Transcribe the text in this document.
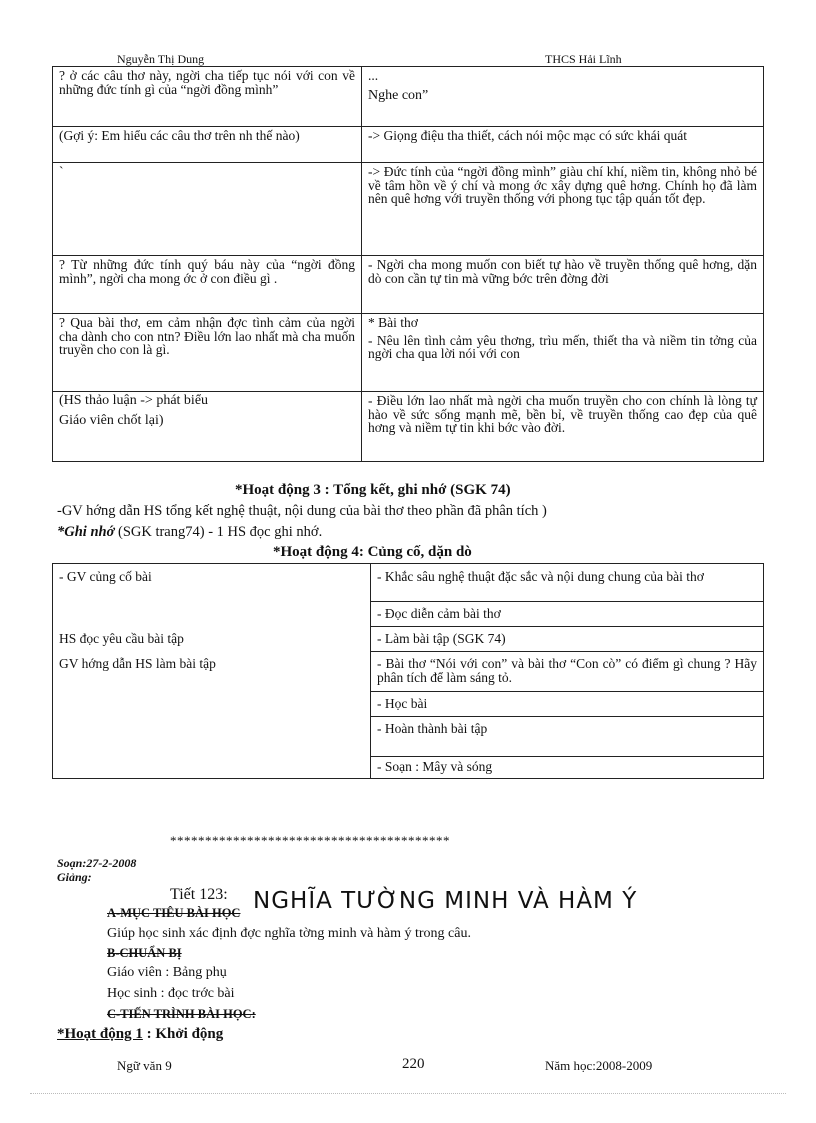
Nguyễn Thị Dung	THCS Hải Lĩnh
? ở các câu thơ này, ngời cha tiếp tục nói với con về những đức tính gì của “ngời đồng mình”	...
Nghe con”

(Gợi ý: Em hiểu các câu thơ trên nh thế nào)	-> Giọng điệu tha thiết, cách nói mộc mạc có sức khái quát

`	-> Đức tính của “ngời đồng mình” giàu chí khí, niềm tin, không nhỏ bé về tâm hồn về ý chí và mong ớc xây dựng quê hơng. Chính họ đã làm nên quê hơng với truyền thống với phong tục tập quán tốt đẹp.

? Từ những đức tính quý báu này của “ngời đồng mình”, ngời cha mong ớc ở con điều gì .	- Ngời cha mong muốn con biết tự hào về truyền thống quê hơng, dặn dò con cần tự tin mà vững bớc trên đờng đời

? Qua bài thơ, em cảm nhận đợc tình cảm của ngời cha dành cho con ntn? Điều lớn lao nhất mà cha muốn truyền cho con là gì.	* Bài thơ
- Nêu lên tình cảm yêu thơng, trìu mến, thiết tha và niềm tin tởng của ngời cha qua lời nói với con

(HS thảo luận -> phát biểu
Giáo viên chốt lại)	- Điều lớn lao nhất mà ngời cha muốn truyền cho con chính là lòng tự hào về sức sống mạnh mẽ, bền bỉ, về truyền thống cao đẹp của quê hơng và niềm tự tin khi bớc vào đời.
*Hoạt động 3 : Tổng kết, ghi nhớ (SGK 74)
-GV hớng dẫn HS tổng kết nghệ thuật, nội dung của bài thơ theo phần đã phân tích )
*Ghi nhớ (SGK trang74) - 1 HS đọc ghi nhớ.
*Hoạt động 4: Củng cố, dặn dò
- GV củng cố bài	- Khắc sâu nghệ thuật đặc sắc và nội dung chung của bài thơ
	- Đọc diễn cảm bài thơ
HS đọc yêu cầu bài tập	- Làm bài tập (SGK 74)
GV hớng dẫn HS làm bài tập	- Bài thơ “Nói với con” và bài thơ “Con cò” có điểm gì chung ? Hãy phân tích để làm sáng tỏ.
	- Học bài
	- Hoàn thành bài tập
	- Soạn : Mây và sóng
****************************************
Soạn:27-2-2008
Giảng:
Tiết 123: NGHĨA TƯỜNG MINH VÀ HÀM Ý
A-MỤC TIÊU BÀI HỌC
Giúp học sinh xác định đợc nghĩa tờng minh và hàm ý trong câu.
B-CHUẨN BỊ
Giáo viên : Bảng phụ
Học sinh : đọc trớc bài
C-TIẾN TRÌNH BÀI HỌC:
*Hoạt động 1 : Khởi động
Ngữ văn 9	220	Năm học:2008-2009
